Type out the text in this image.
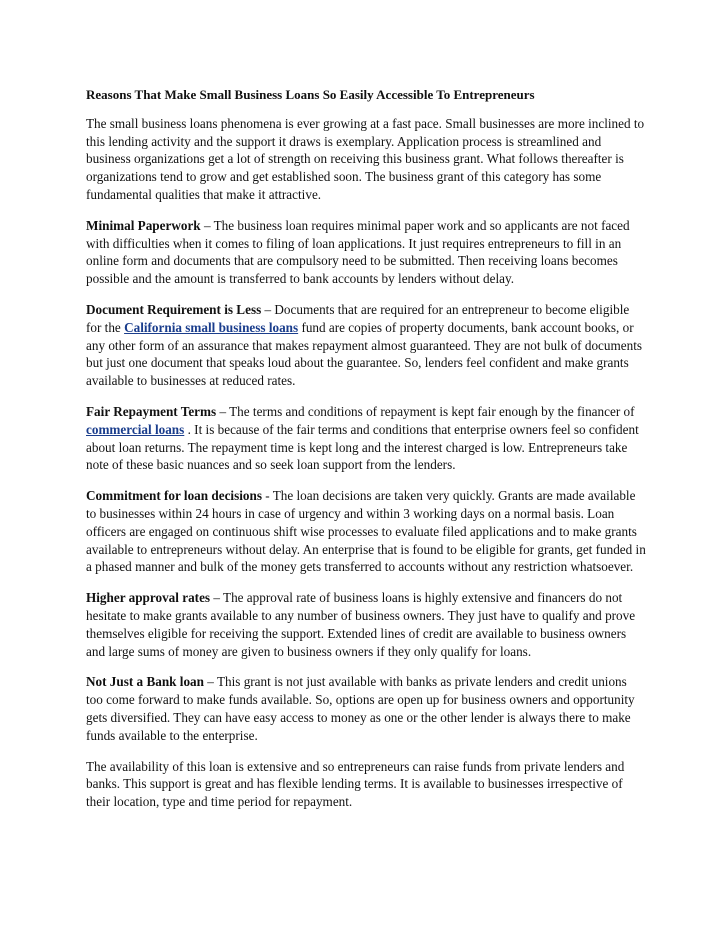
Reasons That Make Small Business Loans So Easily Accessible To Entrepreneurs

The small business loans phenomena is ever growing at a fast pace. Small businesses are more inclined to this lending activity and the support it draws is exemplary. Application process is streamlined and business organizations get a lot of strength on receiving this business grant. What follows thereafter is organizations tend to grow and get established soon. The business grant of this category has some fundamental qualities that make it attractive.

Minimal Paperwork – The business loan requires minimal paper work and so applicants are not faced with difficulties when it comes to filing of loan applications. It just requires entrepreneurs to fill in an online form and documents that are compulsory need to be submitted. Then receiving loans becomes possible and the amount is transferred to bank accounts by lenders without delay.

Document Requirement is Less – Documents that are required for an entrepreneur to become eligible for the California small business loans fund are copies of property documents, bank account books, or any other form of an assurance that makes repayment almost guaranteed. They are not bulk of documents but just one document that speaks loud about the guarantee. So, lenders feel confident and make grants available to businesses at reduced rates.

Fair Repayment Terms – The terms and conditions of repayment is kept fair enough by the financer of commercial loans . It is because of the fair terms and conditions that enterprise owners feel so confident about loan returns. The repayment time is kept long and the interest charged is low. Entrepreneurs take note of these basic nuances and so seek loan support from the lenders.

Commitment for loan decisions - The loan decisions are taken very quickly. Grants are made available to businesses within 24 hours in case of urgency and within 3 working days on a normal basis. Loan officers are engaged on continuous shift wise processes to evaluate filed applications and to make grants available to entrepreneurs without delay. An enterprise that is found to be eligible for grants, get funded in a phased manner and bulk of the money gets transferred to accounts without any restriction whatsoever.

Higher approval rates – The approval rate of business loans is highly extensive and financers do not hesitate to make grants available to any number of business owners. They just have to qualify and prove themselves eligible for receiving the support. Extended lines of credit are available to business owners and large sums of money are given to business owners if they only qualify for loans.

Not Just a Bank loan – This grant is not just available with banks as private lenders and credit unions too come forward to make funds available. So, options are open up for business owners and opportunity gets diversified. They can have easy access to money as one or the other lender is always there to make funds available to the enterprise.

The availability of this loan is extensive and so entrepreneurs can raise funds from private lenders and banks. This support is great and has flexible lending terms. It is available to businesses irrespective of their location, type and time period for repayment.
